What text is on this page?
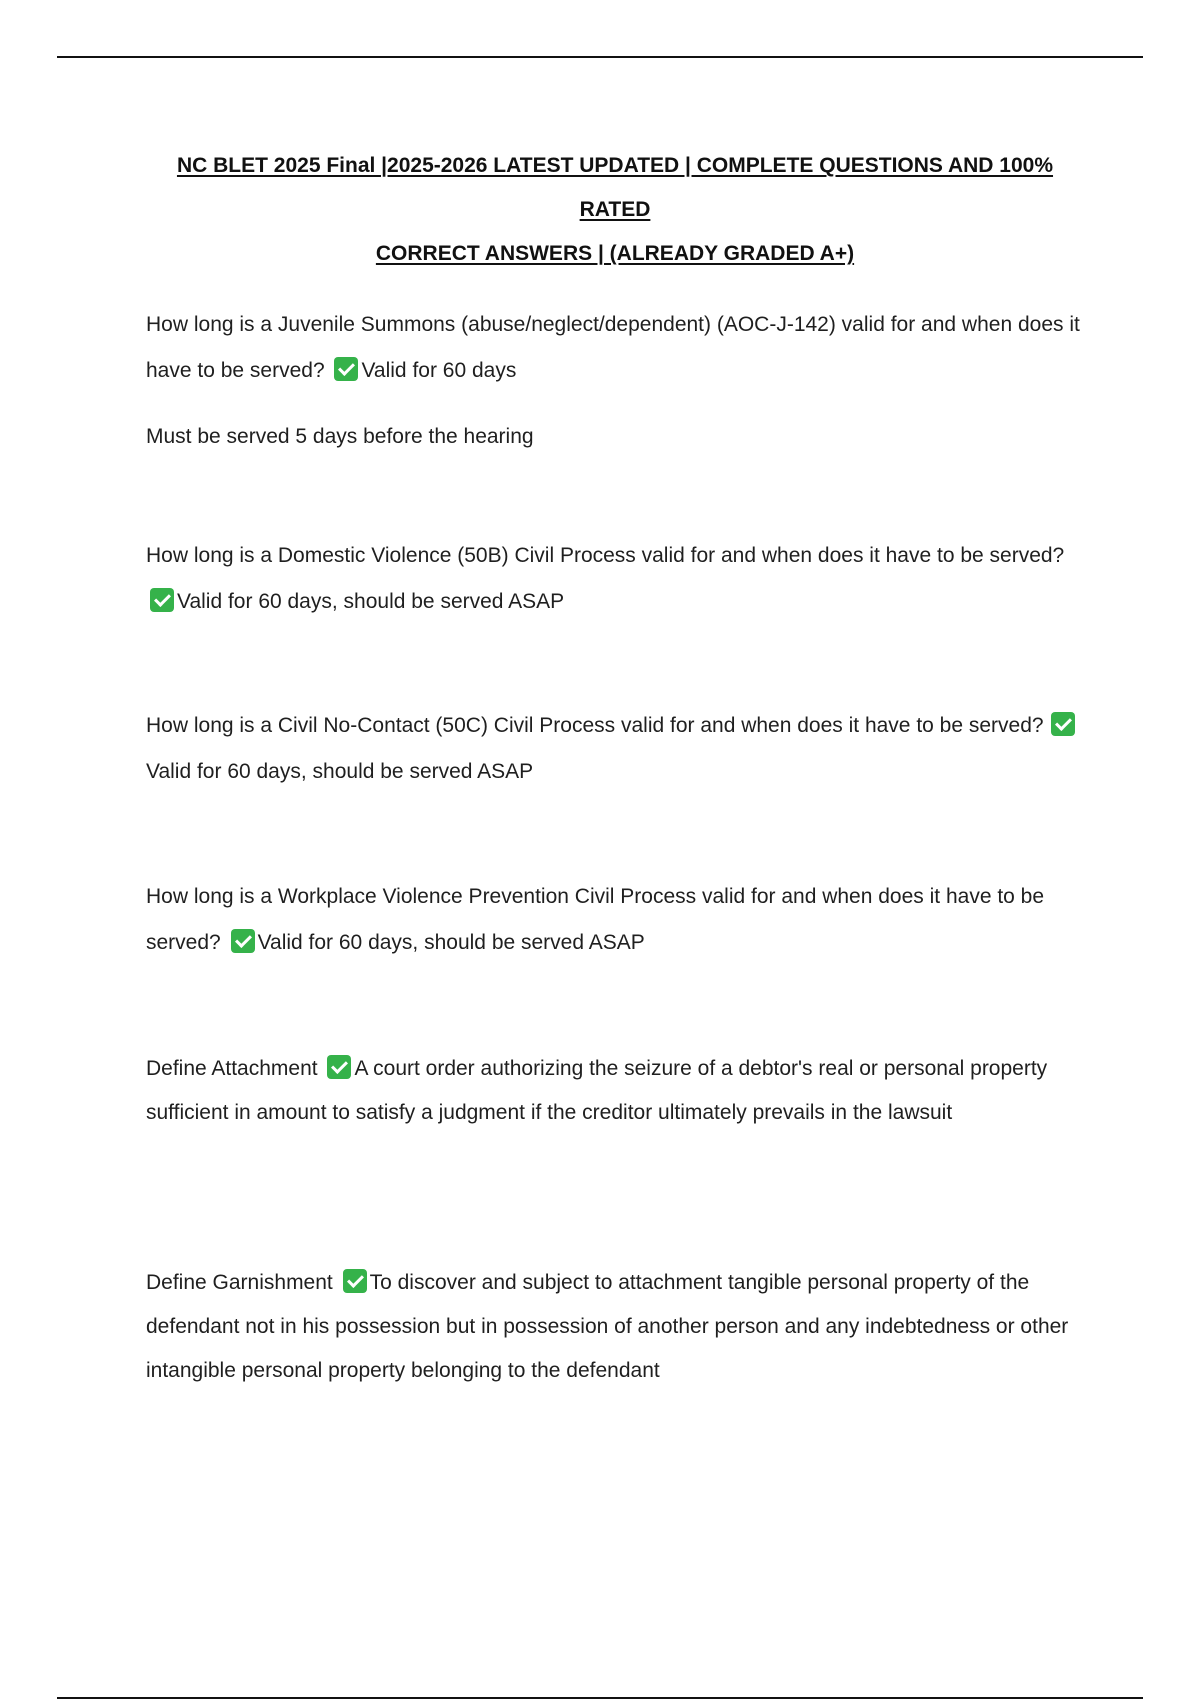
NC BLET 2025 Final |2025-2026 LATEST UPDATED | COMPLETE QUESTIONS AND 100% RATED
CORRECT ANSWERS | (ALREADY GRADED A+)
How long is a Juvenile Summons (abuse/neglect/dependent) (AOC-J-142) valid for and when does it have to be served? Valid for 60 days
Must be served 5 days before the hearing
How long is a Domestic Violence (50B) Civil Process valid for and when does it have to be served? Valid for 60 days, should be served ASAP
How long is a Civil No-Contact (50C) Civil Process valid for and when does it have to be served? Valid for 60 days, should be served ASAP
How long is a Workplace Violence Prevention Civil Process valid for and when does it have to be served? Valid for 60 days, should be served ASAP
Define Attachment A court order authorizing the seizure of a debtor's real or personal property sufficient in amount to satisfy a judgment if the creditor ultimately prevails in the lawsuit
Define Garnishment To discover and subject to attachment tangible personal property of the defendant not in his possession but in possession of another person and any indebtedness or other intangible personal property belonging to the defendant
